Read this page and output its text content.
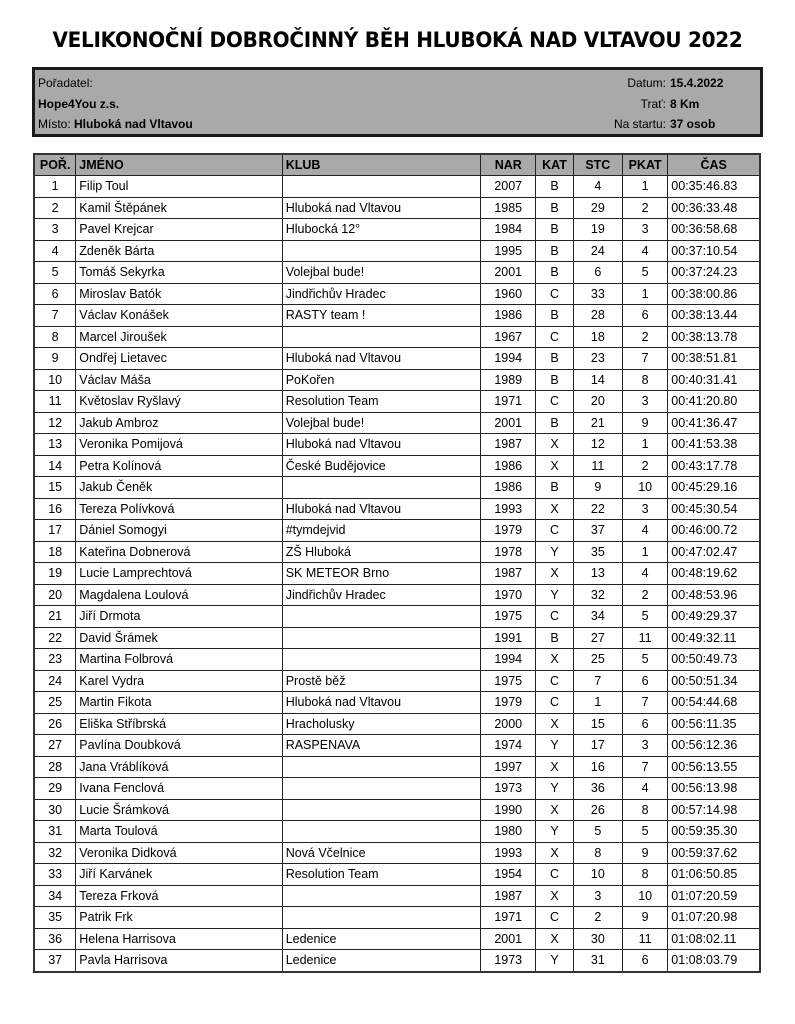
VELIKONOČNÍ DOBROČINNÝ BĚH HLUBOKÁ NAD VLTAVOU 2022
Pořadatel:	Datum: 15.4.2022
Hope4You z.s.	Trať: 8 Km
Místo: Hluboká nad Vltavou	Na startu: 37 osob
POŘ.	JMÉNO	KLUB	NAR	KAT	STC	PKAT	ČAS
1	Filip Toul		2007	B	4	1	00:35:46.83
2	Kamil Štěpánek	Hluboká nad Vltavou	1985	B	29	2	00:36:33.48
3	Pavel Krejcar	Hlubocká 12°	1984	B	19	3	00:36:58.68
4	Zdeněk Bárta		1995	B	24	4	00:37:10.54
5	Tomáš Sekyrka	Volejbal bude!	2001	B	6	5	00:37:24.23
6	Miroslav Batók	Jindřichův Hradec	1960	C	33	1	00:38:00.86
7	Václav Konášek	RASTY team !	1986	B	28	6	00:38:13.44
8	Marcel Jiroušek		1967	C	18	2	00:38:13.78
9	Ondřej Lietavec	Hluboká nad Vltavou	1994	B	23	7	00:38:51.81
10	Václav Máša	PoKořen	1989	B	14	8	00:40:31.41
11	Květoslav Ryšlavý	Resolution Team	1971	C	20	3	00:41:20.80
12	Jakub Ambroz	Volejbal bude!	2001	B	21	9	00:41:36.47
13	Veronika Pomijová	Hluboká nad Vltavou	1987	X	12	1	00:41:53.38
14	Petra Kolínová	České Budějovice	1986	X	11	2	00:43:17.78
15	Jakub Čeněk		1986	B	9	10	00:45:29.16
16	Tereza Polívková	Hluboká nad Vltavou	1993	X	22	3	00:45:30.54
17	Dániel Somogyi	#tymdejvid	1979	C	37	4	00:46:00.72
18	Kateřina Dobnerová	ZŠ Hluboká	1978	Y	35	1	00:47:02.47
19	Lucie Lamprechtová	SK METEOR Brno	1987	X	13	4	00:48:19.62
20	Magdalena Loulová	Jindřichův Hradec	1970	Y	32	2	00:48:53.96
21	Jiří Drmota		1975	C	34	5	00:49:29.37
22	David Šrámek		1991	B	27	11	00:49:32.11
23	Martina Folbrová		1994	X	25	5	00:50:49.73
24	Karel Vydra	Prostě běž	1975	C	7	6	00:50:51.34
25	Martin Fikota	Hluboká nad Vltavou	1979	C	1	7	00:54:44.68
26	Eliška Stříbrská	Hracholusky	2000	X	15	6	00:56:11.35
27	Pavlína Doubková	RASPENAVA	1974	Y	17	3	00:56:12.36
28	Jana Vráblíková		1997	X	16	7	00:56:13.55
29	Ivana Fenclová		1973	Y	36	4	00:56:13.98
30	Lucie Šrámková		1990	X	26	8	00:57:14.98
31	Marta Toulová		1980	Y	5	5	00:59:35.30
32	Veronika Didková	Nová Včelnice	1993	X	8	9	00:59:37.62
33	Jiří Karvánek	Resolution Team	1954	C	10	8	01:06:50.85
34	Tereza Frková		1987	X	3	10	01:07:20.59
35	Patrik Frk		1971	C	2	9	01:07:20.98
36	Helena Harrisova	Ledenice	2001	X	30	11	01:08:02.11
37	Pavla Harrisova	Ledenice	1973	Y	31	6	01:08:03.79
